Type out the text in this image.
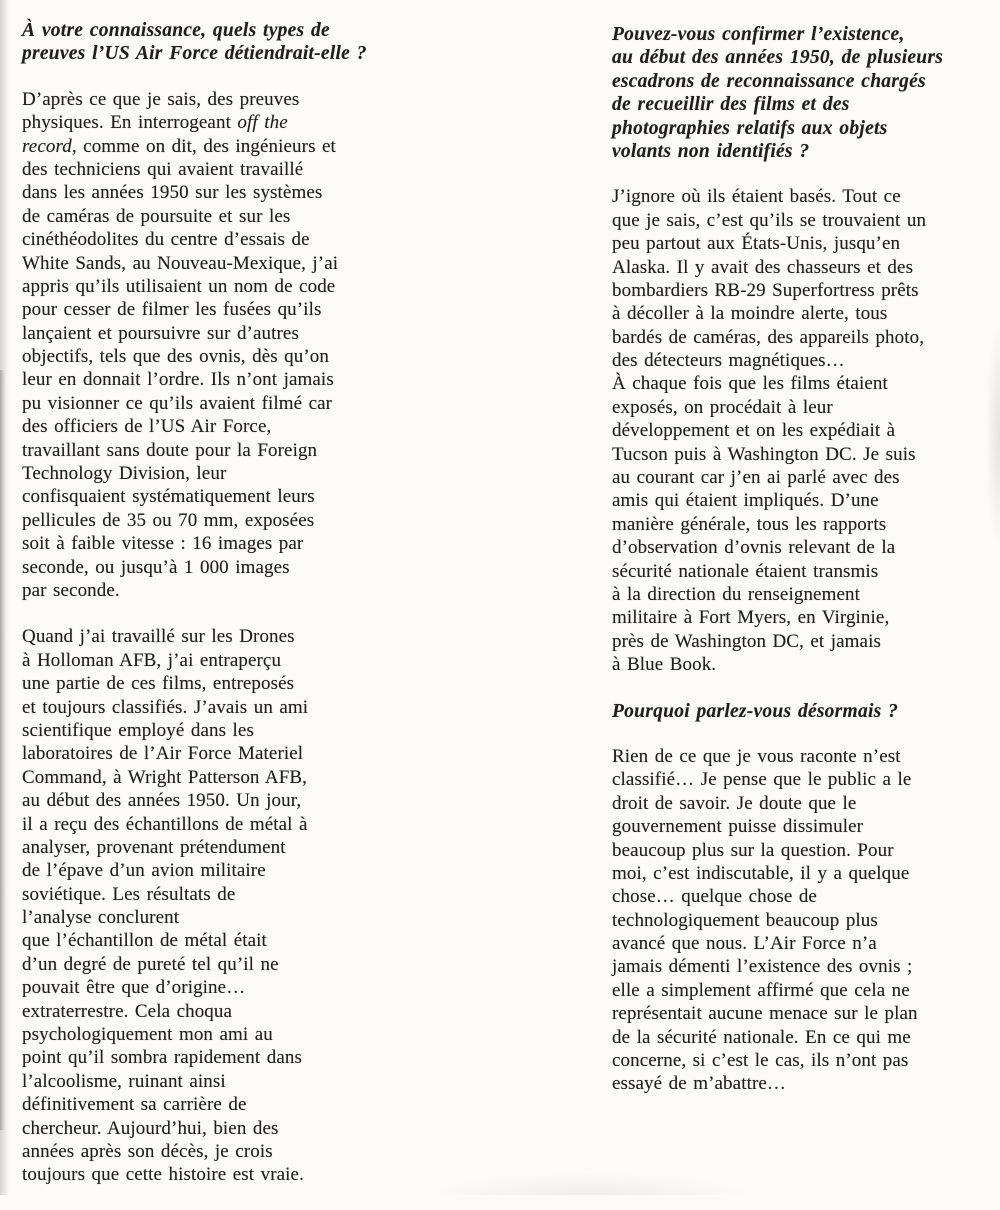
À votre connaissance, quels types de
preuves l’US Air Force détiendrait-elle ?
D’après ce que je sais, des preuves
physiques. En interrogeant off the
record, comme on dit, des ingénieurs et
des techniciens qui avaient travaillé
dans les années 1950 sur les systèmes
de caméras de poursuite et sur les
cinéthéodolites du centre d’essais de
White Sands, au Nouveau-Mexique, j’ai
appris qu’ils utilisaient un nom de code
pour cesser de filmer les fusées qu’ils
lançaient et poursuivre sur d’autres
objectifs, tels que des ovnis, dès qu’on
leur en donnait l’ordre. Ils n’ont jamais
pu visionner ce qu’ils avaient filmé car
des officiers de l’US Air Force,
travaillant sans doute pour la Foreign
Technology Division, leur
confisquaient systématiquement leurs
pellicules de 35 ou 70 mm, exposées
soit à faible vitesse : 16 images par
seconde, ou jusqu’à 1 000 images
par seconde.
Quand j’ai travaillé sur les Drones
à Holloman AFB, j’ai entraperçu
une partie de ces films, entreposés
et toujours classifiés. J’avais un ami
scientifique employé dans les
laboratoires de l’Air Force Materiel
Command, à Wright Patterson AFB,
au début des années 1950. Un jour,
il a reçu des échantillons de métal à
analyser, provenant prétendument
de l’épave d’un avion militaire
soviétique. Les résultats de
l’analyse conclurent
que l’échantillon de métal était
d’un degré de pureté tel qu’il ne
pouvait être que d’origine…
extraterrestre. Cela choqua
psychologiquement mon ami au
point qu’il sombra rapidement dans
l’alcoolisme, ruinant ainsi
définitivement sa carrière de
chercheur. Aujourd’hui, bien des
années après son décès, je crois
toujours que cette histoire est vraie.
Pouvez-vous confirmer l’existence,
au début des années 1950, de plusieurs
escadrons de reconnaissance chargés
de recueillir des films et des
photographies relatifs aux objets
volants non identifiés ?
J’ignore où ils étaient basés. Tout ce
que je sais, c’est qu’ils se trouvaient un
peu partout aux États-Unis, jusqu’en
Alaska. Il y avait des chasseurs et des
bombardiers RB-29 Superfortress prêts
à décoller à la moindre alerte, tous
bardés de caméras, des appareils photo,
des détecteurs magnétiques…
À chaque fois que les films étaient
exposés, on procédait à leur
développement et on les expédiait à
Tucson puis à Washington DC. Je suis
au courant car j’en ai parlé avec des
amis qui étaient impliqués. D’une
manière générale, tous les rapports
d’observation d’ovnis relevant de la
sécurité nationale étaient transmis
à la direction du renseignement
militaire à Fort Myers, en Virginie,
près de Washington DC, et jamais
à Blue Book.
Pourquoi parlez-vous désormais ?
Rien de ce que je vous raconte n’est
classifié… Je pense que le public a le
droit de savoir. Je doute que le
gouvernement puisse dissimuler
beaucoup plus sur la question. Pour
moi, c’est indiscutable, il y a quelque
chose… quelque chose de
technologiquement beaucoup plus
avancé que nous. L’Air Force n’a
jamais démenti l’existence des ovnis ;
elle a simplement affirmé que cela ne
représentait aucune menace sur le plan
de la sécurité nationale. En ce qui me
concerne, si c’est le cas, ils n’ont pas
essayé de m’abattre…
